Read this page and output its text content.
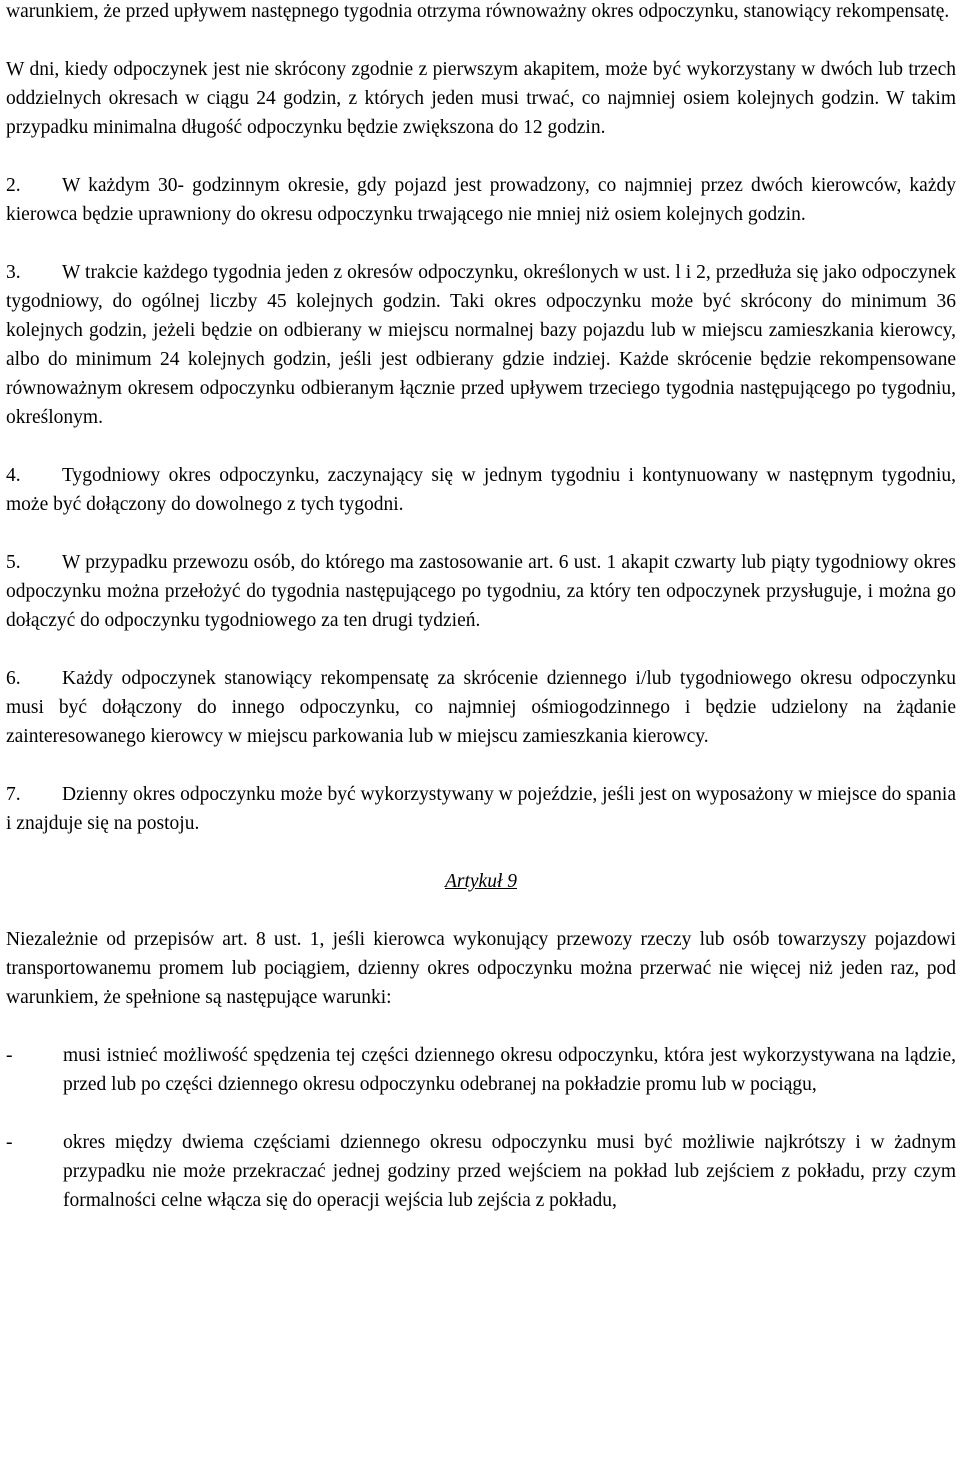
warunkiem, że przed upływem następnego tygodnia otrzyma równoważny okres odpoczynku, stanowiący rekompensatę.

W dni, kiedy odpoczynek jest nie skrócony zgodnie z pierwszym akapitem, może być wykorzystany w dwóch lub trzech oddzielnych okresach w ciągu 24 godzin, z których jeden musi trwać, co najmniej osiem kolejnych godzin. W takim przypadku minimalna długość odpoczynku będzie zwiększona do 12 godzin.

2. W każdym 30- godzinnym okresie, gdy pojazd jest prowadzony, co najmniej przez dwóch kierowców, każdy kierowca będzie uprawniony do okresu odpoczynku trwającego nie mniej niż osiem kolejnych godzin.

3. W trakcie każdego tygodnia jeden z okresów odpoczynku, określonych w ust. l i 2, przedłuża się jako odpoczynek tygodniowy, do ogólnej liczby 45 kolejnych godzin. Taki okres odpoczynku może być skrócony do minimum 36 kolejnych godzin, jeżeli będzie on odbierany w miejscu normalnej bazy pojazdu lub w miejscu zamieszkania kierowcy, albo do minimum 24 kolejnych godzin, jeśli jest odbierany gdzie indziej. Każde skrócenie będzie rekompensowane równoważnym okresem odpoczynku odbieranym łącznie przed upływem trzeciego tygodnia następującego po tygodniu, określonym.

4. Tygodniowy okres odpoczynku, zaczynający się w jednym tygodniu i kontynuowany w następnym tygodniu, może być dołączony do dowolnego z tych tygodni.

5. W przypadku przewozu osób, do którego ma zastosowanie art. 6 ust. 1 akapit czwarty lub piąty tygodniowy okres odpoczynku można przełożyć do tygodnia następującego po tygodniu, za który ten odpoczynek przysługuje, i można go dołączyć do odpoczynku tygodniowego za ten drugi tydzień.

6. Każdy odpoczynek stanowiący rekompensatę za skrócenie dziennego i/lub tygodniowego okresu odpoczynku musi być dołączony do innego odpoczynku, co najmniej ośmiogodzinnego i będzie udzielony na żądanie zainteresowanego kierowcy w miejscu parkowania lub w miejscu zamieszkania kierowcy.

7. Dzienny okres odpoczynku może być wykorzystywany w pojeździe, jeśli jest on wyposażony w miejsce do spania i znajduje się na postoju.

Artykuł 9

Niezależnie od przepisów art. 8 ust. 1, jeśli kierowca wykonujący przewozy rzeczy lub osób towarzyszy pojazdowi transportowanemu promem lub pociągiem, dzienny okres odpoczynku można przerwać nie więcej niż jeden raz, pod warunkiem, że spełnione są następujące warunki:

-	musi istnieć możliwość spędzenia tej części dziennego okresu odpoczynku, która jest wykorzystywana na lądzie, przed lub po części dziennego okresu odpoczynku odebranej na pokładzie promu lub w pociągu,
-	okres między dwiema częściami dziennego okresu odpoczynku musi być możliwie najkrótszy i w żadnym przypadku nie może przekraczać jednej godziny przed wejściem na pokład lub zejściem z pokładu, przy czym formalności celne włącza się do operacji wejścia lub zejścia z pokładu,
